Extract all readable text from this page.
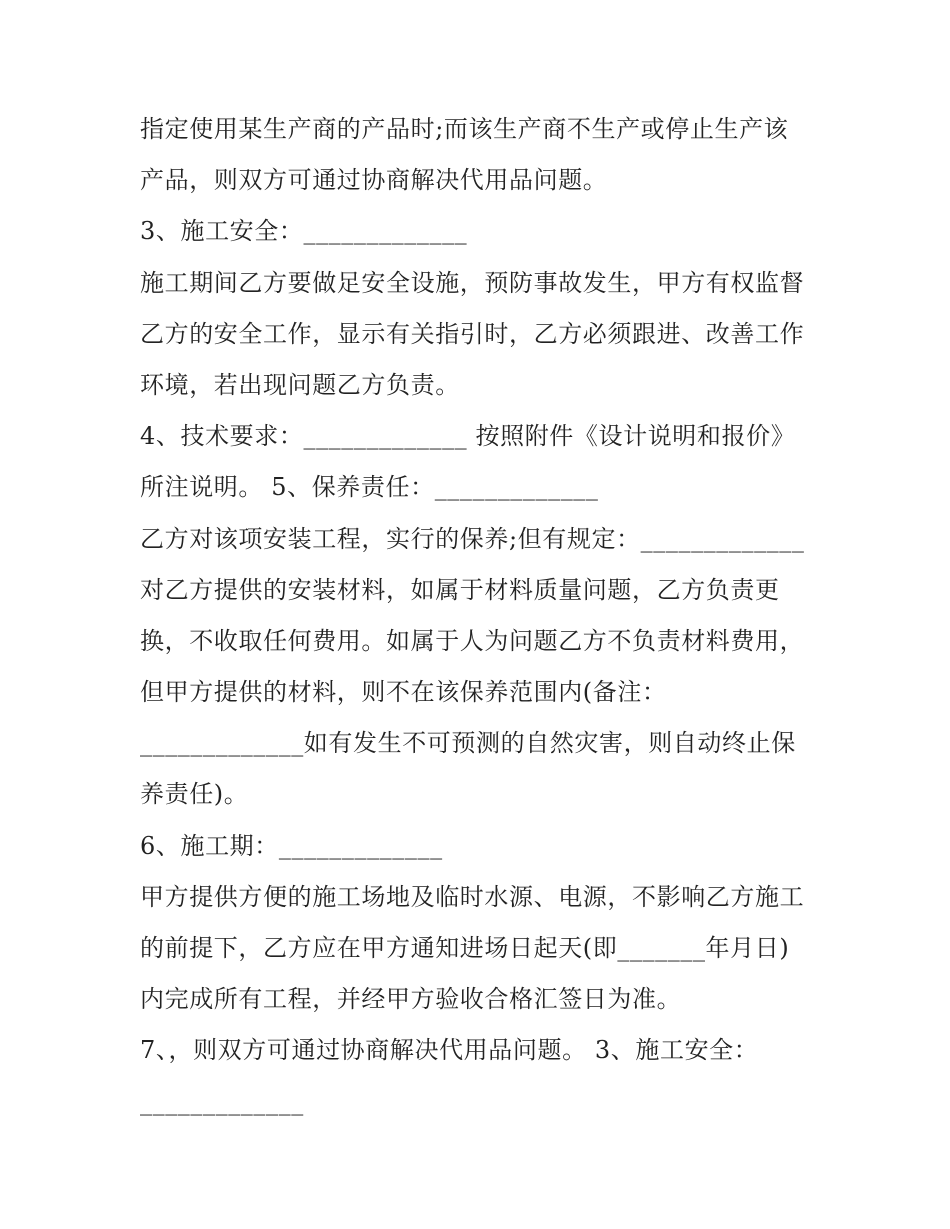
指定使用某生产商的产品时;而该生产商不生产或停止生产该
产品，则双方可通过协商解决代用品问题。
3、施工安全：_____________
施工期间乙方要做足安全设施，预防事故发生，甲方有权监督
乙方的安全工作，显示有关指引时，乙方必须跟进、改善工作
环境，若出现问题乙方负责。
4、技术要求：_____________ 按照附件《设计说明和报价》
所注说明。 5、保养责任：_____________
乙方对该项安装工程，实行的保养;但有规定：_____________
对乙方提供的安装材料，如属于材料质量问题，乙方负责更
换，不收取任何费用。如属于人为问题乙方不负责材料费用，
但甲方提供的材料，则不在该保养范围内(备注：
_____________如有发生不可预测的自然灾害，则自动终止保
养责任)。
6、施工期：_____________
甲方提供方便的施工场地及临时水源、电源，不影响乙方施工
的前提下，乙方应在甲方通知进场日起天(即_______年月日)
内完成所有工程，并经甲方验收合格汇签日为准。
7、，则双方可通过协商解决代用品问题。 3、施工安全：
_____________
